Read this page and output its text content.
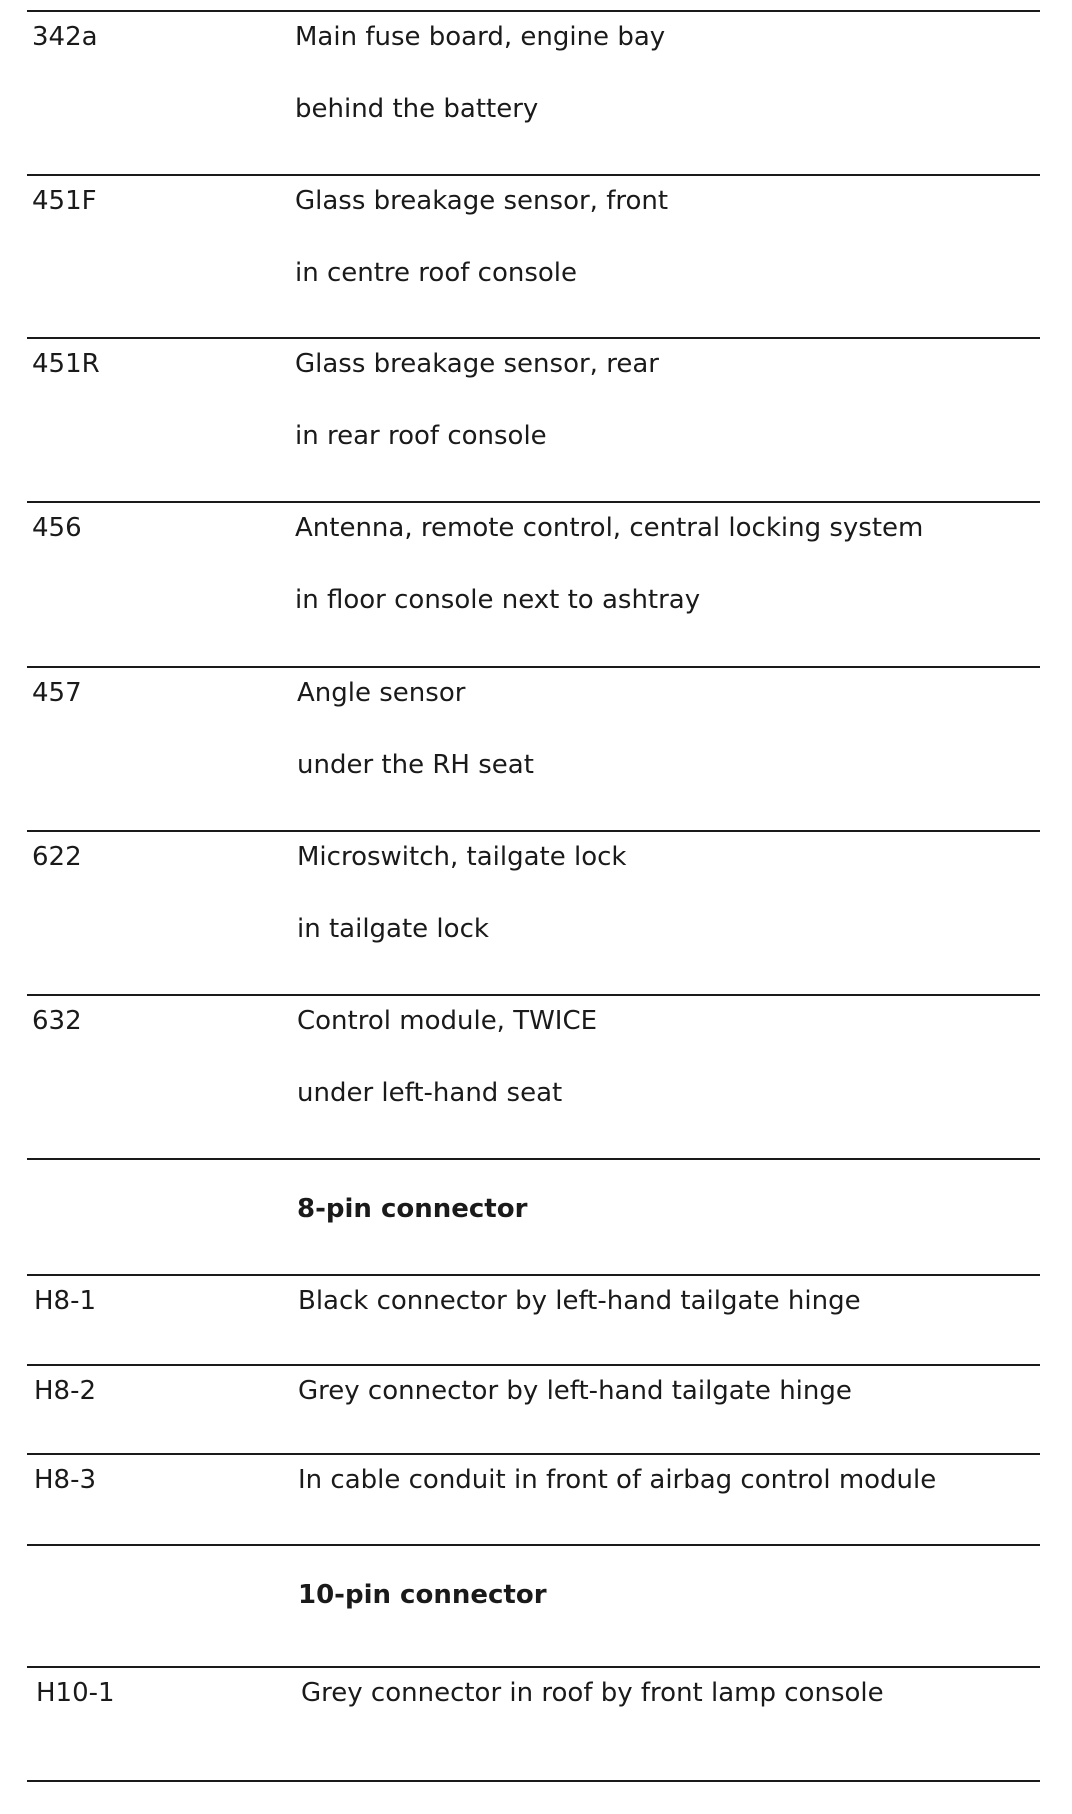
342a	Main fuse board, engine bay
behind the battery
451F	Glass breakage sensor, front
in centre roof console
451R	Glass breakage sensor, rear
in rear roof console
456	Antenna, remote control, central locking system
in floor console next to ashtray
457	Angle sensor
under the RH seat
622	Microswitch, tailgate lock
in tailgate lock
632	Control module, TWICE
under left-hand seat
8-pin connector
H8-1	Black connector by left-hand tailgate hinge
H8-2	Grey connector by left-hand tailgate hinge
H8-3	In cable conduit in front of airbag control module
10-pin connector
H10-1	Grey connector in roof by front lamp console
